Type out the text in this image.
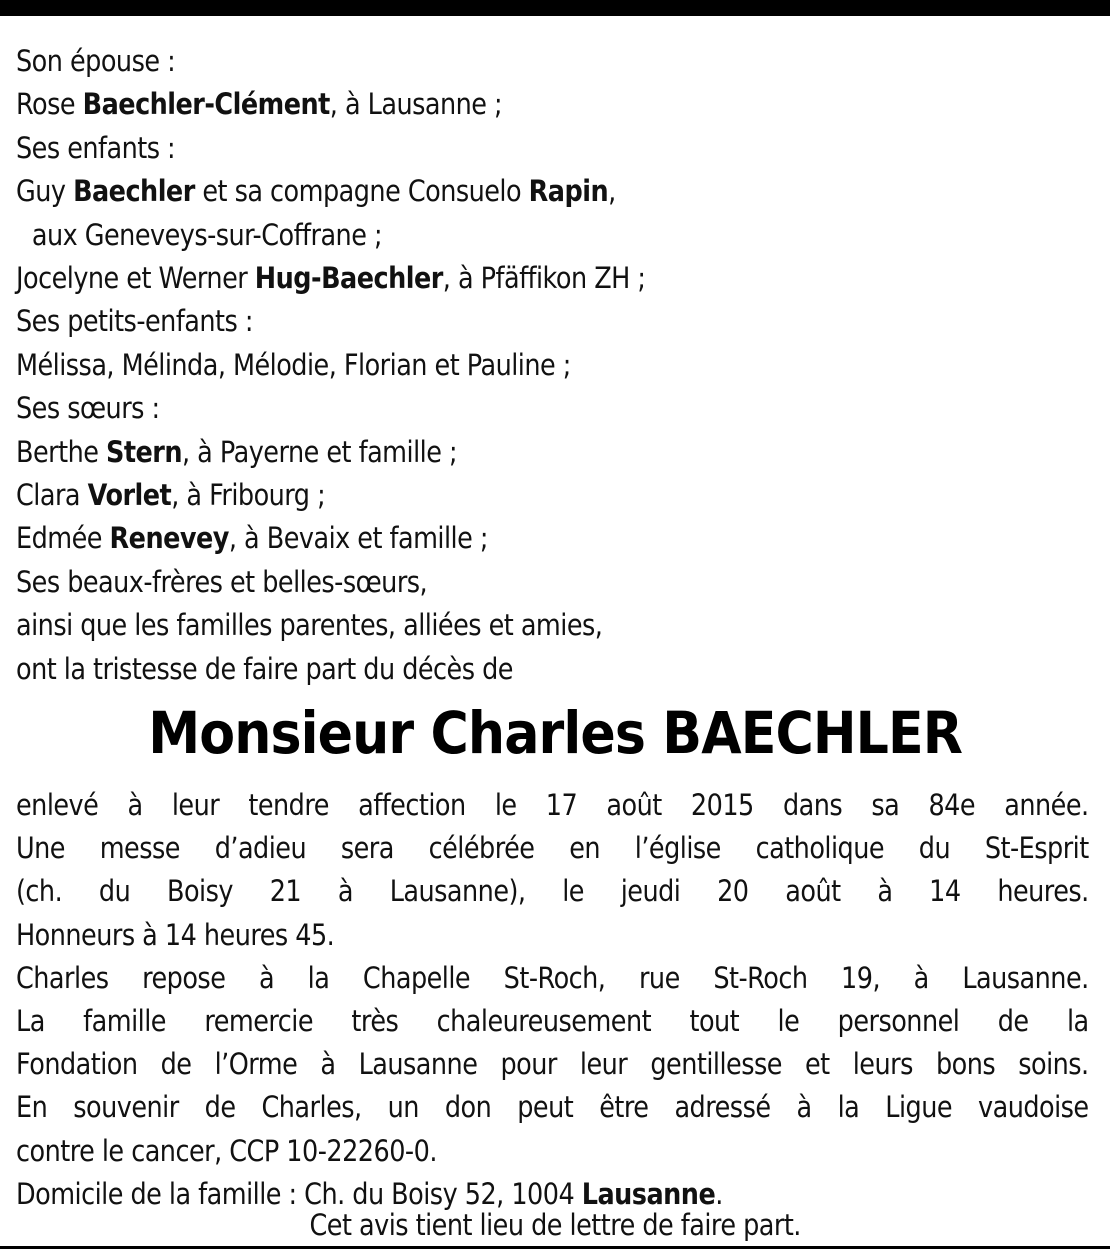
Son épouse :
Rose Baechler-Clément, à Lausanne ;
Ses enfants :
Guy Baechler et sa compagne Consuelo Rapin,
aux Geneveys-sur-Coffrane ;
Jocelyne et Werner Hug-Baechler, à Pfäffikon ZH ;
Ses petits-enfants :
Mélissa, Mélinda, Mélodie, Florian et Pauline ;
Ses sœurs :
Berthe Stern, à Payerne et famille ;
Clara Vorlet, à Fribourg ;
Edmée Renevey, à Bevaix et famille ;
Ses beaux-frères et belles-sœurs,
ainsi que les familles parentes, alliées et amies,
ont la tristesse de faire part du décès de
Monsieur Charles BAECHLER
enlevé à leur tendre affection le 17 août 2015 dans sa 84e année.
Une messe d’adieu sera célébrée en l’église catholique du St-Esprit
(ch. du Boisy 21 à Lausanne), le jeudi 20 août à 14 heures.
Honneurs à 14 heures 45.
Charles repose à la Chapelle St-Roch, rue St-Roch 19, à Lausanne.
La famille remercie très chaleureusement tout le personnel de la
Fondation de l’Orme à Lausanne pour leur gentillesse et leurs bons soins.
En souvenir de Charles, un don peut être adressé à la Ligue vaudoise
contre le cancer, CCP 10-22260-0.
Domicile de la famille : Ch. du Boisy 52, 1004 Lausanne.
Cet avis tient lieu de lettre de faire part.
